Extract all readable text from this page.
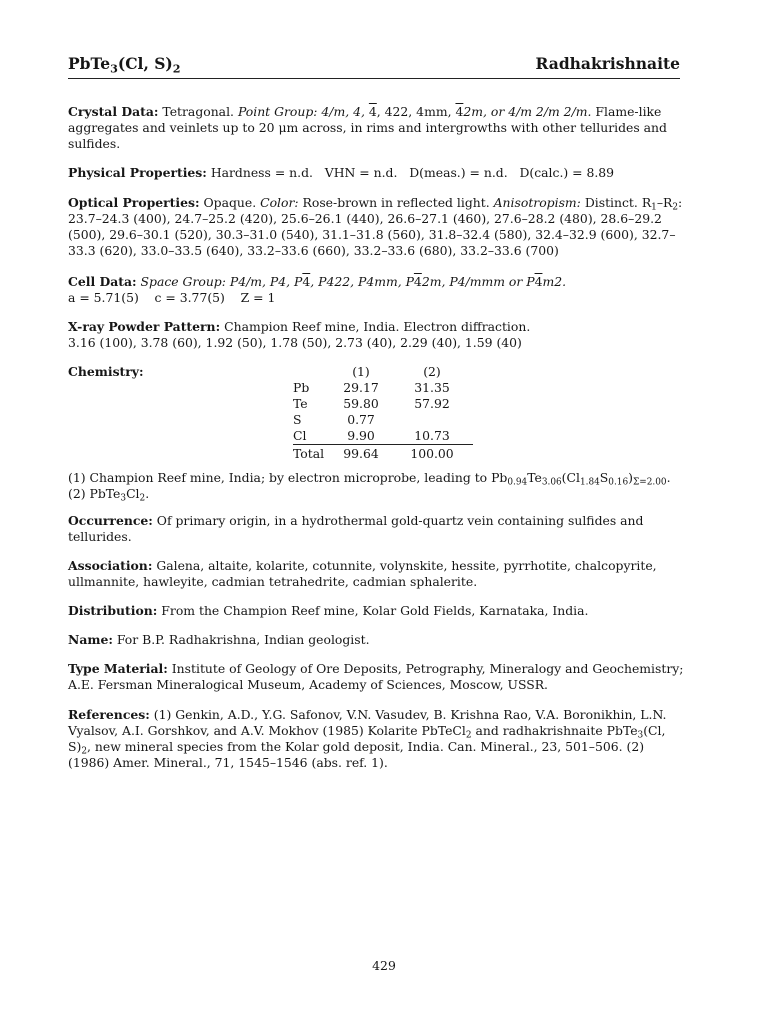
PbTe$_3$(Cl, $S)_2$	Radhakrishnaite
Crystal Data: Tetragonal. Point Group: 4/m, 4, 4, 422, 4mm, 42m, or 4/m 2/m 2/m. Flame-like aggregates and veinlets up to 20 μm across, in rims and intergrowths with other tellurides and sulfides.
Physical Properties: Hardness = n.d.   VHN = n.d.   D(meas.) = n.d.   D(calc.) = 8.89
Optical Properties: Opaque. Color: Rose-brown in reflected light. Anisotropism: Distinct. $R_1-R_2$: 23.7–24.3 (400), 24.7–25.2 (420), 25.6–26.1 (440), 26.6–27.1 (460), 27.6–28.2 (480), 28.6–29.2 (500), 29.6–30.1 (520), 30.3–31.0 (540), 31.1–31.8 (560), 31.8–32.4 (580), 32.4–32.9 (600), 32.7–33.3 (620), 33.0–33.5 (640), 33.2–33.6 (660), 33.2–33.6 (680), 33.2–33.6 (700)
Cell Data: Space Group: P4/m, P4, P4, P422, P4mm, P42m, P4/mmm or P4m2.
a = 5.71(5)    c = 3.77(5)    Z = 1
X-ray Powder Pattern: Champion Reef mine, India. Electron diffraction.
3.16 (100), 3.78 (60), 1.92 (50), 1.78 (50), 2.73 (40), 2.29 (40), 1.59 (40)
Chemistry:
		(1)	(2)
Pb	29.17	31.35
Te	59.80	57.92
S	0.77	
Cl	9.90	10.73
Total	99.64	100.00
(1) Champion Reef mine, India; by electron microprobe, leading to $Pb_{0.94}Te_{3.06}(Cl_{1.84}S_{0.16})_{\Sigma=2.00}$.
(2) $PbTe_3Cl_2$.
Occurrence: Of primary origin, in a hydrothermal gold-quartz vein containing sulfides and tellurides.
Association: Galena, altaite, kolarite, cotunnite, volynskite, hessite, pyrrhotite, chalcopyrite, ullmannite, hawleyite, cadmian tetrahedrite, cadmian sphalerite.
Distribution: From the Champion Reef mine, Kolar Gold Fields, Karnataka, India.
Name: For B.P. Radhakrishna, Indian geologist.
Type Material: Institute of Geology of Ore Deposits, Petrography, Mineralogy and Geochemistry; A.E. Fersman Mineralogical Museum, Academy of Sciences, Moscow, USSR.
References: (1) Genkin, A.D., Y.G. Safonov, V.N. Vasudev, B. Krishna Rao, V.A. Boronikhin, L.N. Vyalsov, A.I. Gorshkov, and A.V. Mokhov (1985) Kolarite PbTeCl$_2$ and radhakrishnaite PbTe$_3$(Cl, $S)_2$, new mineral species from the Kolar gold deposit, India. Can. Mineral., 23, 501–506. (2) (1986) Amer. Mineral., 71, 1545–1546 (abs. ref. 1).
429
